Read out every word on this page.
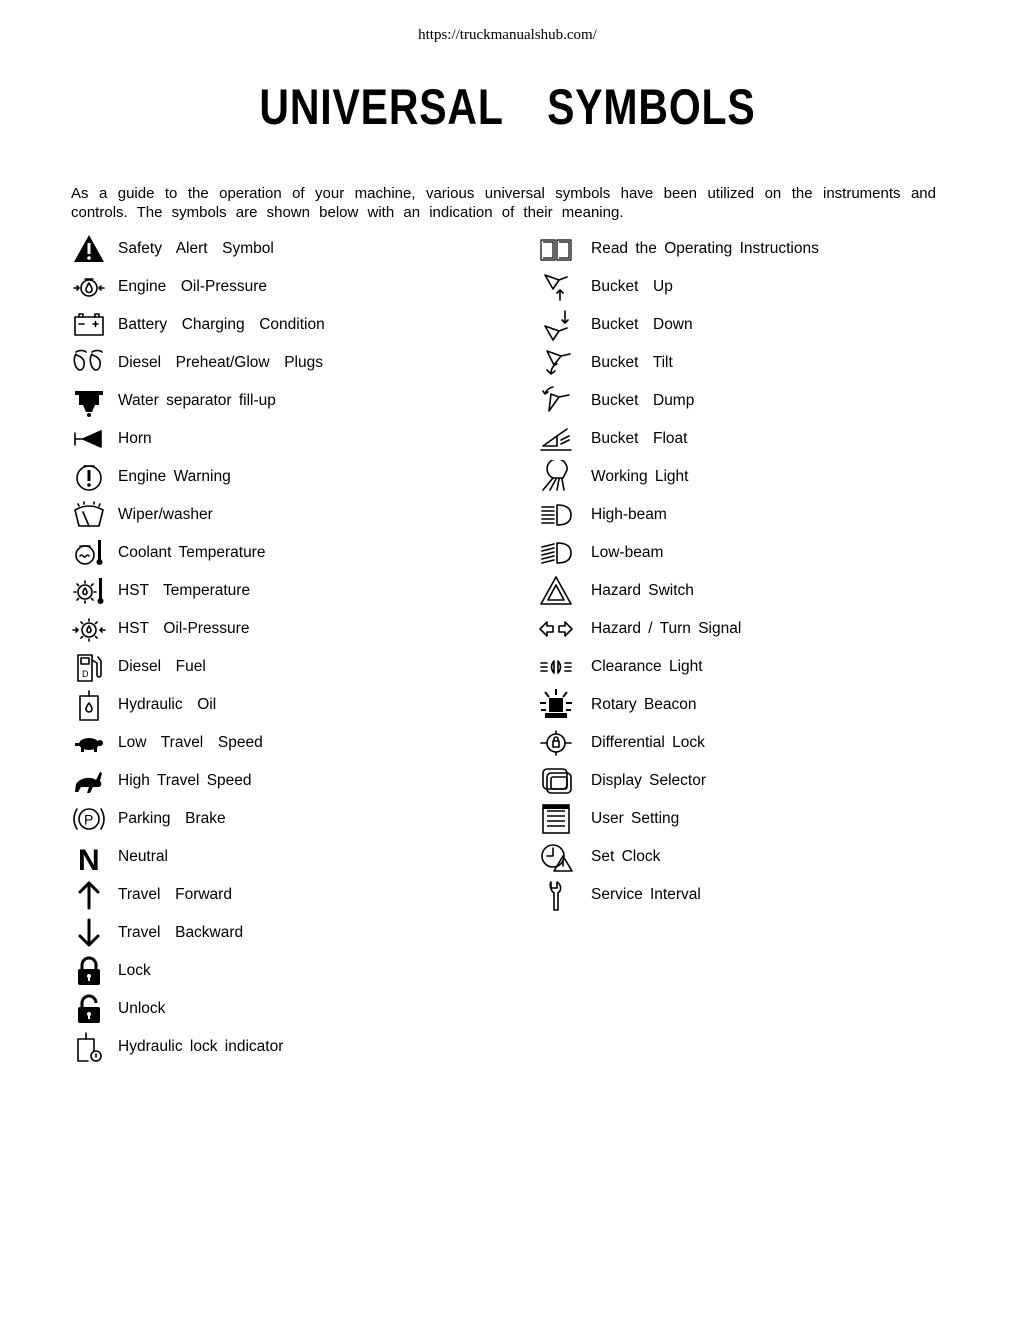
https://truckmanualshub.com/
UNIVERSAL  SYMBOLS
As a guide to the operation of your machine, various universal symbols have been utilized on the instruments and controls. The symbols are shown below with an indication of their meaning.
Safety  Alert  Symbol
Engine  Oil-Pressure
Battery  Charging  Condition
Diesel  Preheat/Glow  Plugs
Water separator fill-up
Horn
Engine Warning
Wiper/washer
Coolant Temperature
HST  Temperature
HST  Oil-Pressure
D Diesel  Fuel
Hydraulic  Oil
Low  Travel  Speed
High Travel Speed
P Parking  Brake
N Neutral
Travel  Forward
Travel  Backward
Lock
Unlock
Hydraulic lock indicator
Read the Operating Instructions
Bucket  Up
Bucket  Down
Bucket  Tilt
Bucket  Dump
Bucket  Float
Working Light
High-beam
Low-beam
Hazard Switch
Hazard / Turn Signal
Clearance Light
Rotary Beacon
Differential Lock
Display Selector
User Setting
Set Clock
Service Interval
